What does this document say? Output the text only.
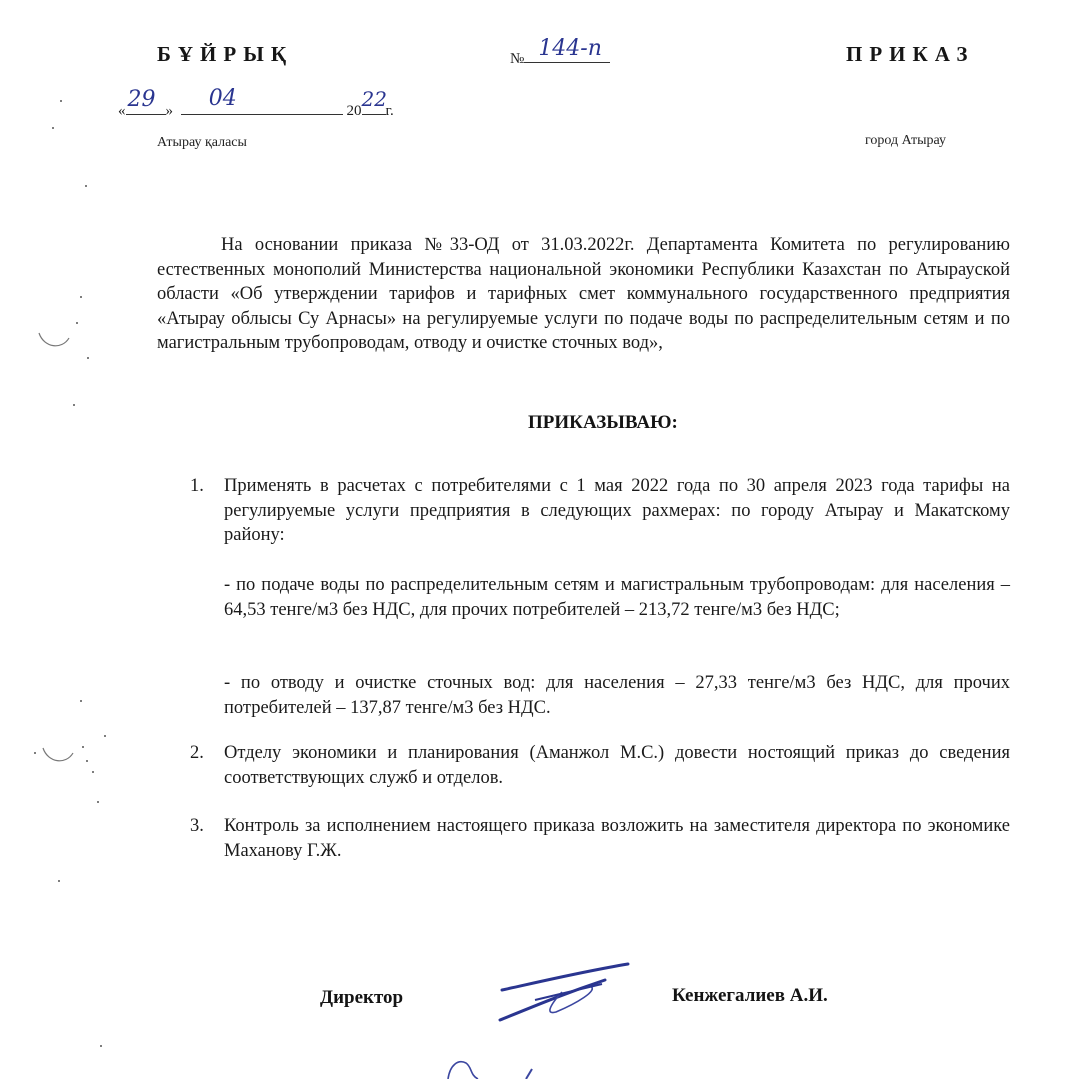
БҰЙРЫҚ	ПРИКАЗ
№ 144-п
« 29 » 04	20 22
г.
Атырау қаласы	город Атырау
На основании приказа №33-ОД от 31.03.2022г. Департамента Комитета по регулированию естественных монополий Министерства национальной экономики Республики Казахстан по Атырауской области «Об утверждении тарифов и тарифных смет коммунального государственного предприятия «Атырау облысы Су Арнасы» на регулируемые услуги по подаче воды по распределительным сетям и по магистральным трубопроводам, отводу и очистке сточных вод»,
ПРИКАЗЫВАЮ:
1. Применять в расчетах с потребителями с 1 мая 2022 года по 30 апреля 2023 года тарифы на регулируемые услуги предприятия в следующих рахмерах: по городу Атырау и Макатскому району:
- по подаче воды по распределительным сетям и магистральным трубопроводам: для населения – 64,53 тенге/м3 без НДС, для прочих потребителей – 213,72 тенге/м3 без НДС;
- по отводу и очистке сточных вод: для населения – 27,33 тенге/м3 без НДС, для прочих потребителей – 137,87 тенге/м3 без НДС.
2. Отделу экономики и планирования (Аманжол М.С.) довести ностоящий приказ до сведения соответствующих служб и отделов.
3. Контроль за исполнением настоящего приказа возложить на заместителя директора по экономике Маханову Г.Ж.
Директор	Кенжегалиев А.И.
